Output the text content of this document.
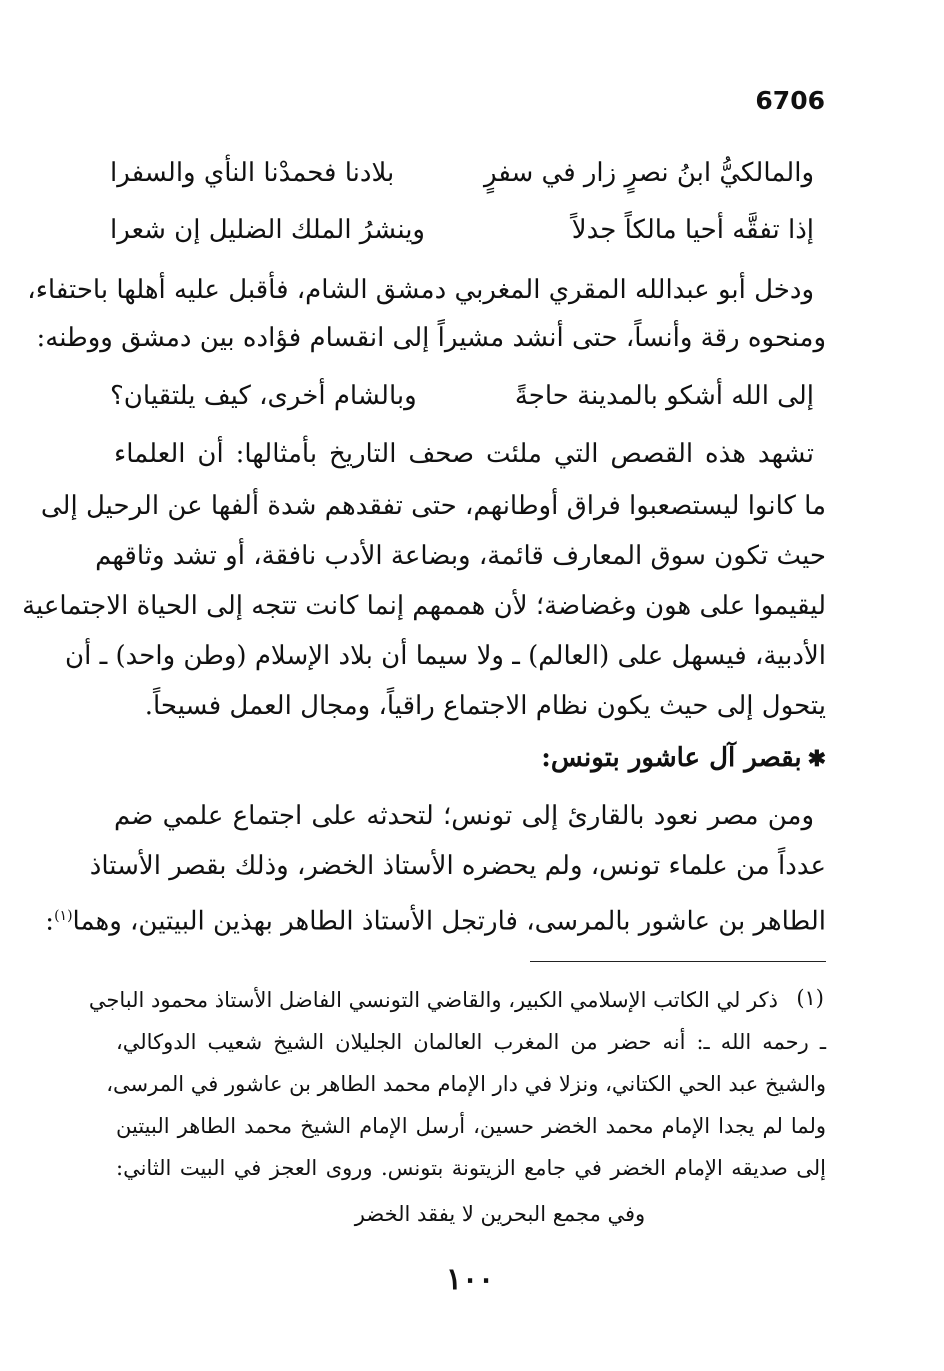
6706
والمالكيُّ ابنُ نصرٍ زار في سفرٍ
بلادنا فحمدْنا النأي والسفرا
إذا تفقَّه أحيا مالكاً جدلاً
وينشرُ الملك الضليل إن شعرا
ودخل أبو عبدالله المقري المغربي دمشق الشام، فأقبل عليه أهلها باحتفاء،
ومنحوه رقة وأنساً، حتى أنشد مشيراً إلى انقسام فؤاده بين دمشق ووطنه:
إلى الله أشكو بالمدينة حاجةً
وبالشام أخرى، كيف يلتقيان؟
تشهد هذه القصص التي ملئت صحف التاريخ بأمثالها: أن العلماء
ما كانوا ليستصعبوا فراق أوطانهم، حتى تفقدهم شدة ألفها عن الرحيل إلى
حيث تكون سوق المعارف قائمة، وبضاعة الأدب نافقة، أو تشد وثاقهم
ليقيموا على هون وغضاضة؛ لأن هممهم إنما كانت تتجه إلى الحياة الاجتماعية
الأدبية، فيسهل على (العالم) ـ ولا سيما أن بلاد الإسلام (وطن واحد) ـ أن
يتحول إلى حيث يكون نظام الاجتماع راقياً، ومجال العمل فسيحاً.
✱بقصر آل عاشور بتونس:
ومن مصر نعود بالقارئ إلى تونس؛ لتحدثه على اجتماع علمي ضم
عدداً من علماء تونس، ولم يحضره الأستاذ الخضر، وذلك بقصر الأستاذ
الطاهر بن عاشور بالمرسى، فارتجل الأستاذ الطاهر بهذين البيتين، وهما$^{(١)}$:
(١)
ذكر لي الكاتب الإسلامي الكبير، والقاضي التونسي الفاضل الأستاذ محمود الباجي
ـ رحمه الله ـ: أنه حضر من المغرب العالمان الجليلان الشيخ شعيب الدوكالي،
والشيخ عبد الحي الكتاني، ونزلا في دار الإمام محمد الطاهر بن عاشور في المرسى،
ولما لم يجدا الإمام محمد الخضر حسين، أرسل الإمام الشيخ محمد الطاهر البيتين
إلى صديقه الإمام الخضر في جامع الزيتونة بتونس. وروى العجز في البيت الثاني:
وفي مجمع البحرين لا يفقد الخضر
١٠٠
